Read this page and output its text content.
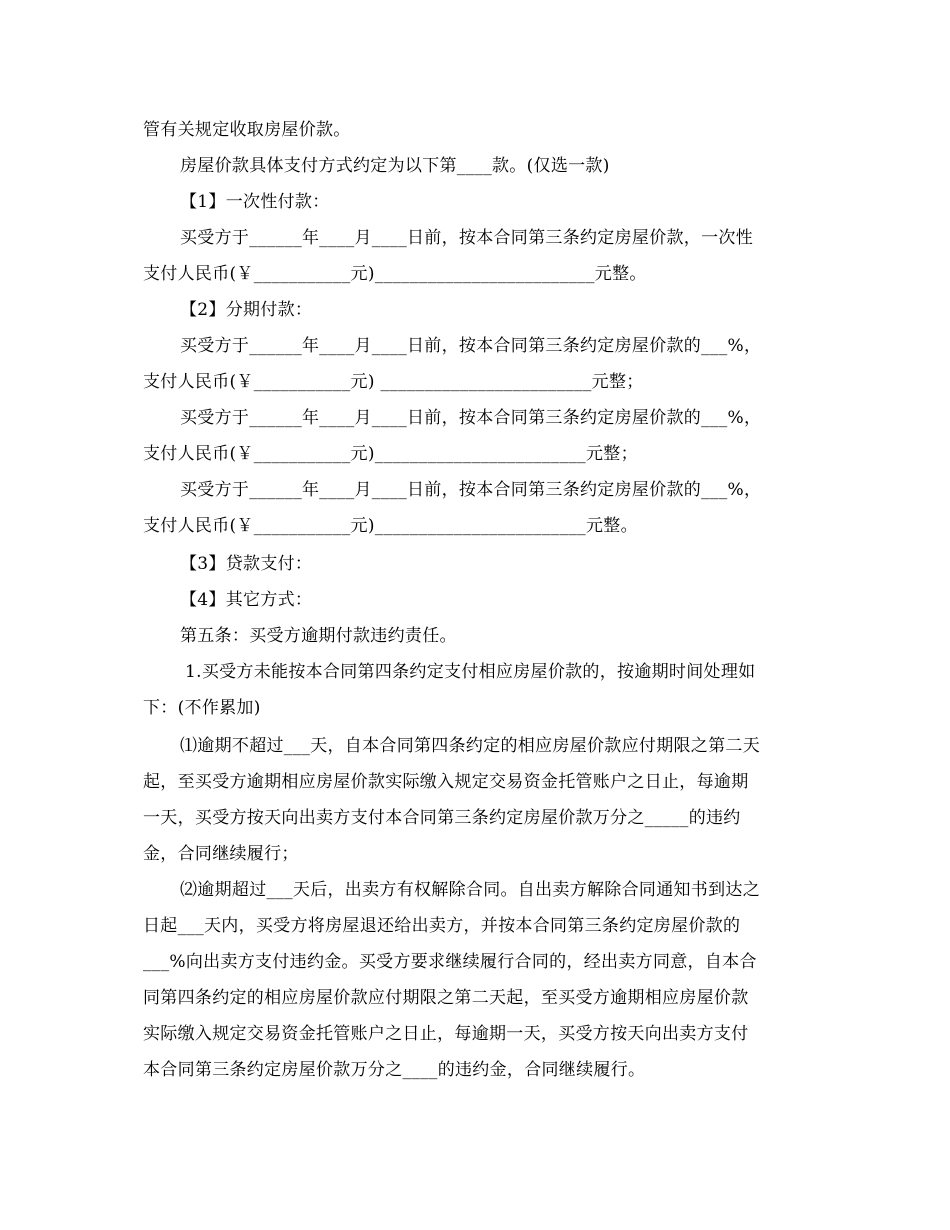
管有关规定收取房屋价款。
房屋价款具体支付方式约定为以下第____款。(仅选一款)
【1】一次性付款：
买受方于______年____月____日前，按本合同第三条约定房屋价款，一次性
支付人民币(￥___________元)_________________________元整。
【2】分期付款：
买受方于______年____月____日前，按本合同第三条约定房屋价款的___%，
支付人民币(￥___________元) ________________________元整；
买受方于______年____月____日前，按本合同第三条约定房屋价款的___%，
支付人民币(￥___________元)________________________元整；
买受方于______年____月____日前，按本合同第三条约定房屋价款的___%，
支付人民币(￥___________元)________________________元整。
【3】贷款支付：
【4】其它方式：
第五条：买受方逾期付款违约责任。
1.买受方未能按本合同第四条约定支付相应房屋价款的，按逾期时间处理如
下：(不作累加)
⑴逾期不超过___天，自本合同第四条约定的相应房屋价款应付期限之第二天
起，至买受方逾期相应房屋价款实际缴入规定交易资金托管账户之日止，每逾期
一天，买受方按天向出卖方支付本合同第三条约定房屋价款万分之_____的违约
金，合同继续履行；
⑵逾期超过___天后，出卖方有权解除合同。自出卖方解除合同通知书到达之
日起___天内，买受方将房屋退还给出卖方，并按本合同第三条约定房屋价款的
___%向出卖方支付违约金。买受方要求继续履行合同的，经出卖方同意，自本合
同第四条约定的相应房屋价款应付期限之第二天起，至买受方逾期相应房屋价款
实际缴入规定交易资金托管账户之日止，每逾期一天，买受方按天向出卖方支付
本合同第三条约定房屋价款万分之____的违约金，合同继续履行。
